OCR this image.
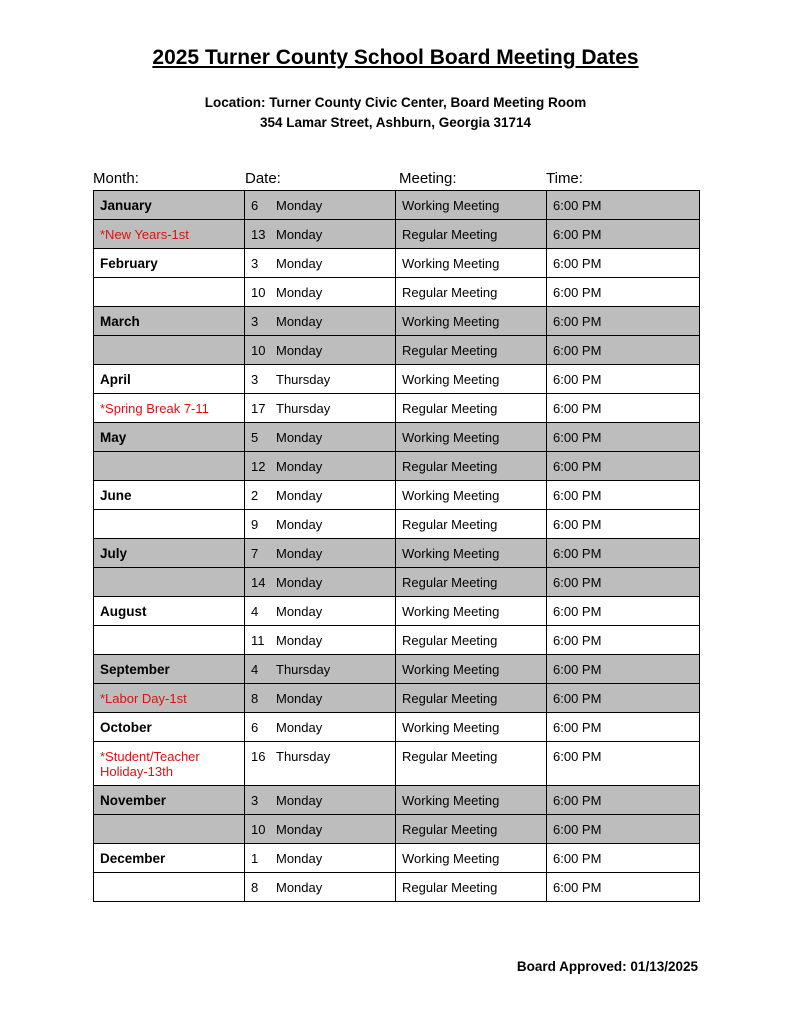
2025 Turner County School Board Meeting Dates
Location: Turner County Civic Center, Board Meeting Room
354 Lamar Street, Ashburn, Georgia 31714
Month:	Date:	Meeting:	Time:
January	6 Monday	Working Meeting	6:00 PM

*New Years-1st	13 Monday	Regular Meeting	6:00 PM

February	3 Monday	Working Meeting	6:00 PM

	10 Monday	Regular Meeting	6:00 PM

March	3 Monday	Working Meeting	6:00 PM

	10 Monday	Regular Meeting	6:00 PM

April	3 Thursday	Working Meeting	6:00 PM

*Spring Break 7-11	17 Thursday	Regular Meeting	6:00 PM

May	5 Monday	Working Meeting	6:00 PM

	12 Monday	Regular Meeting	6:00 PM

June	2 Monday	Working Meeting	6:00 PM

	9 Monday	Regular Meeting	6:00 PM

July	7 Monday	Working Meeting	6:00 PM

	14 Monday	Regular Meeting	6:00 PM

August	4 Monday	Working Meeting	6:00 PM

	11 Monday	Regular Meeting	6:00 PM

September	4 Thursday	Working Meeting	6:00 PM

*Labor Day-1st	8 Monday	Regular Meeting	6:00 PM

October	6 Monday	Working Meeting	6:00 PM

*Student/Teacher Holiday-13th	16 Thursday	Regular Meeting	6:00 PM

November	3 Monday	Working Meeting	6:00 PM

	10 Monday	Regular Meeting	6:00 PM

December	1 Monday	Working Meeting	6:00 PM

	8 Monday	Regular Meeting	6:00 PM
Board Approved: 01/13/2025
